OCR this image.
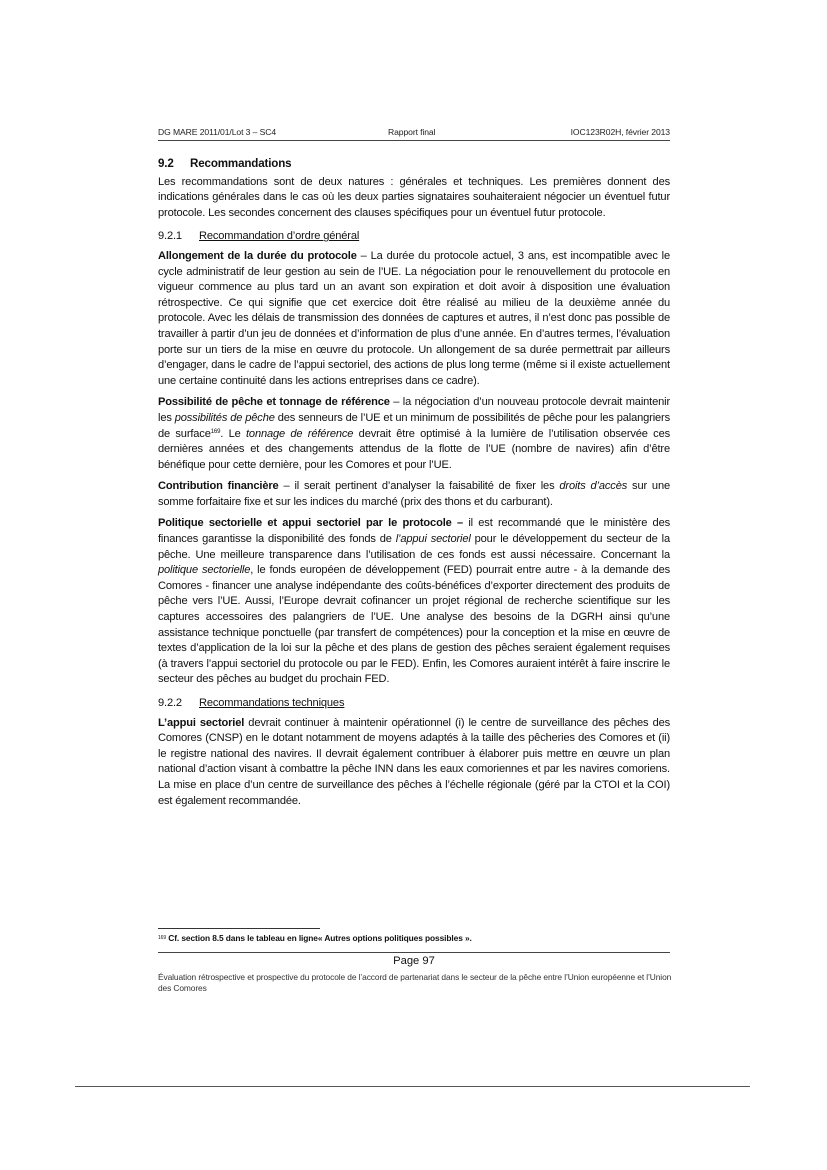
DG MARE 2011/01/Lot 3 – SC4	Rapport final	IOC123R02H, février 2013
9.2 Recommandations

Les recommandations sont de deux natures : générales et techniques. Les premières donnent des indications générales dans le cas où les deux parties signataires souhaiteraient négocier un éventuel futur protocole. Les secondes concernent des clauses spécifiques pour un éventuel futur protocole.

9.2.1 Recommandation d’ordre général

Allongement de la durée du protocole – La durée du protocole actuel, 3 ans, est incompatible avec le cycle administratif de leur gestion au sein de l’UE. La négociation pour le renouvellement du protocole en vigueur commence au plus tard un an avant son expiration et doit avoir à disposition une évaluation rétrospective. Ce qui signifie que cet exercice doit être réalisé au milieu de la deuxième année du protocole. Avec les délais de transmission des données de captures et autres, il n’est donc pas possible de travailler à partir d’un jeu de données et d’information de plus d’une année. En d’autres termes, l’évaluation porte sur un tiers de la mise en œuvre du protocole. Un allongement de sa durée permettrait par ailleurs d’engager, dans le cadre de l’appui sectoriel, des actions de plus long terme (même si il existe actuellement une certaine continuité dans les actions entreprises dans ce cadre).

Possibilité de pêche et tonnage de référence – la négociation d’un nouveau protocole devrait maintenir les possibilités de pêche des senneurs de l’UE et un minimum de possibilités de pêche pour les palangriers de surface$^{169}$. Le tonnage de référence devrait être optimisé à la lumière de l’utilisation observée ces dernières années et des changements attendus de la flotte de l’UE (nombre de navires) afin d’être bénéfique pour cette dernière, pour les Comores et pour l’UE.

Contribution financière – il serait pertinent d’analyser la faisabilité de fixer les droits d’accès sur une somme forfaitaire fixe et sur les indices du marché (prix des thons et du carburant).

Politique sectorielle et appui sectoriel par le protocole – il est recommandé que le ministère des finances garantisse la disponibilité des fonds de l’appui sectoriel pour le développement du secteur de la pêche. Une meilleure transparence dans l’utilisation de ces fonds est aussi nécessaire. Concernant la politique sectorielle, le fonds européen de développement (FED) pourrait entre autre - à la demande des Comores - financer une analyse indépendante des coûts-bénéfices d’exporter directement des produits de pêche vers l’UE. Aussi, l’Europe devrait cofinancer un projet régional de recherche scientifique sur les captures accessoires des palangriers de l’UE. Une analyse des besoins de la DGRH ainsi qu’une assistance technique ponctuelle (par transfert de compétences) pour la conception et la mise en œuvre de textes d’application de la loi sur la pêche et des plans de gestion des pêches seraient également requises (à travers l’appui sectoriel du protocole ou par le FED). Enfin, les Comores auraient intérêt à faire inscrire le secteur des pêches au budget du prochain FED.

9.2.2 Recommandations techniques

L’appui sectoriel devrait continuer à maintenir opérationnel (i) le centre de surveillance des pêches des Comores (CNSP) en le dotant notamment de moyens adaptés à la taille des pêcheries des Comores et (ii) le registre national des navires. Il devrait également contribuer à élaborer puis mettre en œuvre un plan national d’action visant à combattre la pêche INN dans les eaux comoriennes et par les navires comoriens. La mise en place d’un centre de surveillance des pêches à l’échelle régionale (géré par la CTOI et la COI) est également recommandée.

$^{169}$ Cf. section 8.5 dans le tableau en ligne« Autres options politiques possibles ».
Page 97
Évaluation rétrospective et prospective du protocole de l’accord de partenariat dans le secteur de la pêche entre l’Union européenne et l’Union des Comores
